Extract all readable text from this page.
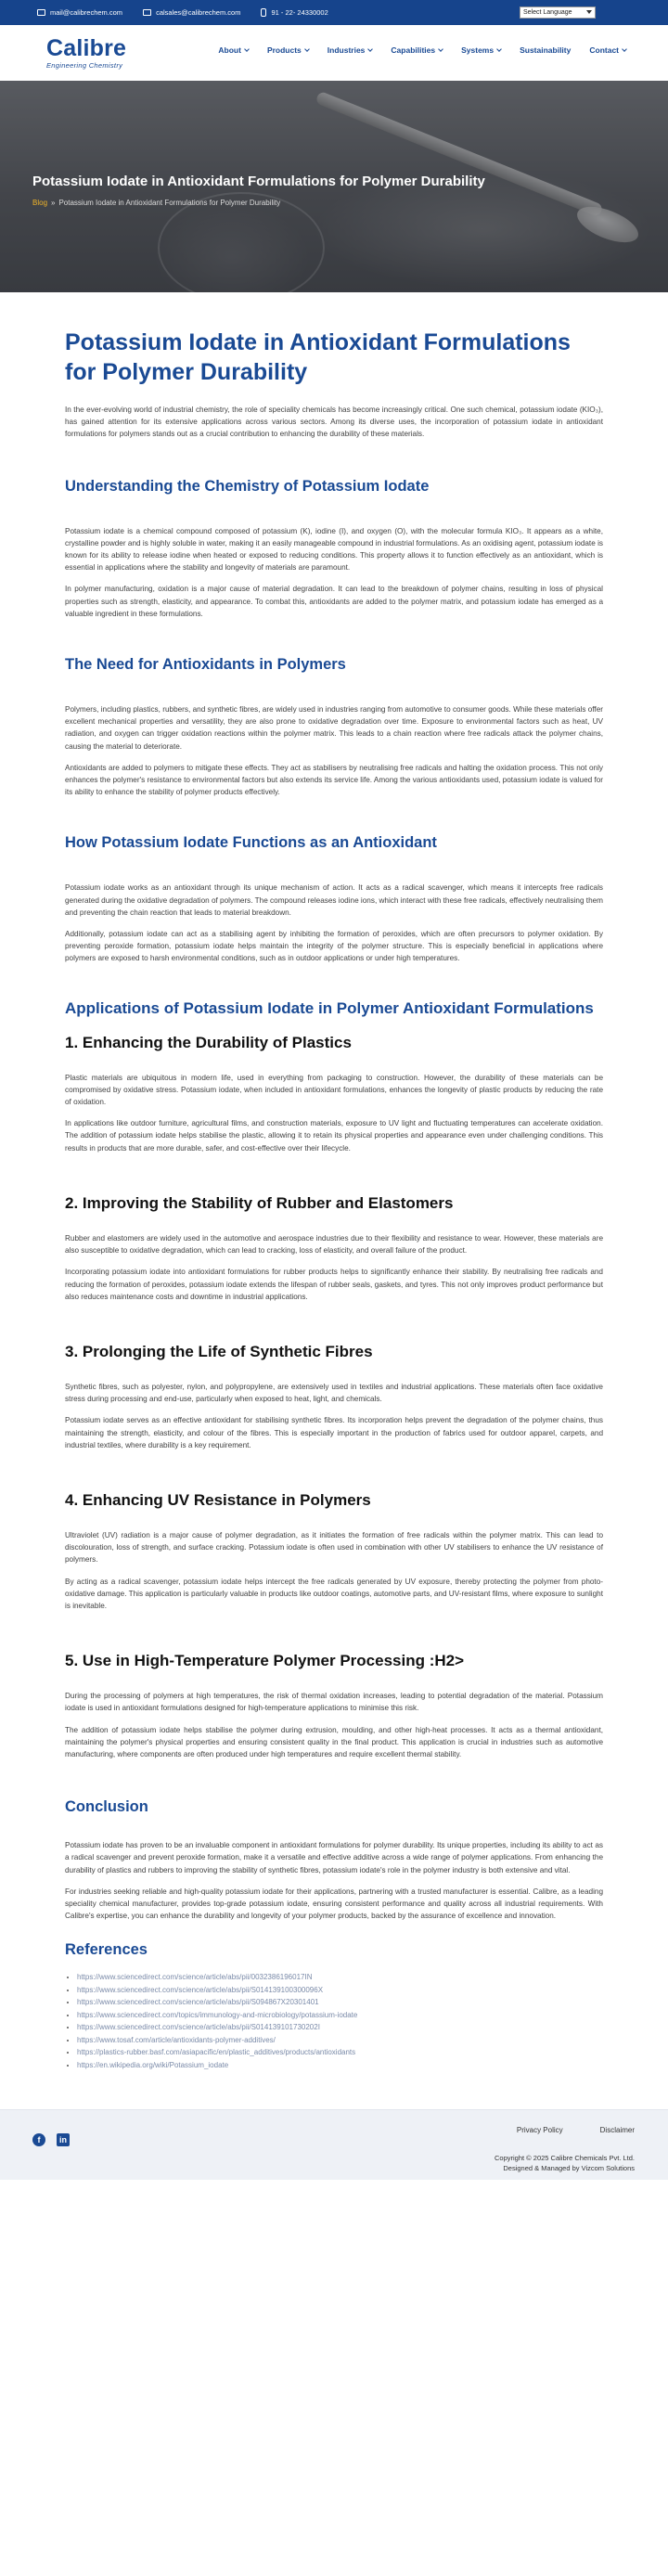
mail@calibrechem.com	calsales@calibrechem.com	91 - 22- 24330002	Select Language
Calibre
Engineering Chemistry
About	Products	Industries	Capabilities	Systems	Sustainability Contact
Potassium Iodate in Antioxidant Formulations for Polymer Durability
Blog » Potassium Iodate in Antioxidant Formulations for Polymer Durability
Potassium Iodate in Antioxidant Formulations for Polymer Durability

In the ever-evolving world of industrial chemistry, the role of speciality chemicals has become increasingly critical. One such chemical, potassium iodate (KIO₃), has gained attention for its extensive applications across various sectors. Among its diverse uses, the incorporation of potassium iodate in antioxidant formulations for polymers stands out as a crucial contribution to enhancing the durability of these materials.

Understanding the Chemistry of Potassium Iodate

Potassium iodate is a chemical compound composed of potassium (K), iodine (I), and oxygen (O), with the molecular formula KIO₃. It appears as a white, crystalline powder and is highly soluble in water, making it an easily manageable compound in industrial formulations. As an oxidising agent, potassium iodate is known for its ability to release iodine when heated or exposed to reducing conditions. This property allows it to function effectively as an antioxidant, which is essential in applications where the stability and longevity of materials are paramount.

In polymer manufacturing, oxidation is a major cause of material degradation. It can lead to the breakdown of polymer chains, resulting in loss of physical properties such as strength, elasticity, and appearance. To combat this, antioxidants are added to the polymer matrix, and potassium iodate has emerged as a valuable ingredient in these formulations.

The Need for Antioxidants in Polymers

Polymers, including plastics, rubbers, and synthetic fibres, are widely used in industries ranging from automotive to consumer goods. While these materials offer excellent mechanical properties and versatility, they are also prone to oxidative degradation over time. Exposure to environmental factors such as heat, UV radiation, and oxygen can trigger oxidation reactions within the polymer matrix. This leads to a chain reaction where free radicals attack the polymer chains, causing the material to deteriorate.

Antioxidants are added to polymers to mitigate these effects. They act as stabilisers by neutralising free radicals and halting the oxidation process. This not only enhances the polymer's resistance to environmental factors but also extends its service life. Among the various antioxidants used, potassium iodate is valued for its ability to enhance the stability of polymer products effectively.

How Potassium Iodate Functions as an Antioxidant

Potassium iodate works as an antioxidant through its unique mechanism of action. It acts as a radical scavenger, which means it intercepts free radicals generated during the oxidative degradation of polymers. The compound releases iodine ions, which interact with these free radicals, effectively neutralising them and preventing the chain reaction that leads to material breakdown.

Additionally, potassium iodate can act as a stabilising agent by inhibiting the formation of peroxides, which are often precursors to polymer oxidation. By preventing peroxide formation, potassium iodate helps maintain the integrity of the polymer structure. This is especially beneficial in applications where polymers are exposed to harsh environmental conditions, such as in outdoor applications or under high temperatures.

Applications of Potassium Iodate in Polymer Antioxidant Formulations
1. Enhancing the Durability of Plastics

Plastic materials are ubiquitous in modern life, used in everything from packaging to construction. However, the durability of these materials can be compromised by oxidative stress. Potassium iodate, when included in antioxidant formulations, enhances the longevity of plastic products by reducing the rate of oxidation.

In applications like outdoor furniture, agricultural films, and construction materials, exposure to UV light and fluctuating temperatures can accelerate oxidation. The addition of potassium iodate helps stabilise the plastic, allowing it to retain its physical properties and appearance even under challenging conditions. This results in products that are more durable, safer, and cost-effective over their lifecycle.

2. Improving the Stability of Rubber and Elastomers

Rubber and elastomers are widely used in the automotive and aerospace industries due to their flexibility and resistance to wear. However, these materials are also susceptible to oxidative degradation, which can lead to cracking, loss of elasticity, and overall failure of the product.

Incorporating potassium iodate into antioxidant formulations for rubber products helps to significantly enhance their stability. By neutralising free radicals and reducing the formation of peroxides, potassium iodate extends the lifespan of rubber seals, gaskets, and tyres. This not only improves product performance but also reduces maintenance costs and downtime in industrial applications.

3. Prolonging the Life of Synthetic Fibres

Synthetic fibres, such as polyester, nylon, and polypropylene, are extensively used in textiles and industrial applications. These materials often face oxidative stress during processing and end-use, particularly when exposed to heat, light, and chemicals.

Potassium iodate serves as an effective antioxidant for stabilising synthetic fibres. Its incorporation helps prevent the degradation of the polymer chains, thus maintaining the strength, elasticity, and colour of the fibres. This is especially important in the production of fabrics used for outdoor apparel, carpets, and industrial textiles, where durability is a key requirement.

4. Enhancing UV Resistance in Polymers

Ultraviolet (UV) radiation is a major cause of polymer degradation, as it initiates the formation of free radicals within the polymer matrix. This can lead to discolouration, loss of strength, and surface cracking. Potassium iodate is often used in combination with other UV stabilisers to enhance the UV resistance of polymers.

By acting as a radical scavenger, potassium iodate helps intercept the free radicals generated by UV exposure, thereby protecting the polymer from photo-oxidative damage. This application is particularly valuable in products like outdoor coatings, automotive parts, and UV-resistant films, where exposure to sunlight is inevitable.

5. Use in High-Temperature Polymer Processing :H2>

During the processing of polymers at high temperatures, the risk of thermal oxidation increases, leading to potential degradation of the material. Potassium iodate is used in antioxidant formulations designed for high-temperature applications to minimise this risk.

The addition of potassium iodate helps stabilise the polymer during extrusion, moulding, and other high-heat processes. It acts as a thermal antioxidant, maintaining the polymer's physical properties and ensuring consistent quality in the final product. This application is crucial in industries such as automotive manufacturing, where components are often produced under high temperatures and require excellent thermal stability.

Conclusion

Potassium iodate has proven to be an invaluable component in antioxidant formulations for polymer durability. Its unique properties, including its ability to act as a radical scavenger and prevent peroxide formation, make it a versatile and effective additive across a wide range of polymer applications. From enhancing the durability of plastics and rubbers to improving the stability of synthetic fibres, potassium iodate's role in the polymer industry is both extensive and vital.

For industries seeking reliable and high-quality potassium iodate for their applications, partnering with a trusted manufacturer is essential. Calibre, as a leading speciality chemical manufacturer, provides top-grade potassium iodate, ensuring consistent performance and quality across all industrial requirements. With Calibre's expertise, you can enhance the durability and longevity of your polymer products, backed by the assurance of excellence and innovation.

References
• https://www.sciencedirect.com/science/article/abs/pii/0032386196017IN
• https://www.sciencedirect.com/science/article/abs/pii/S014139100300096X
• https://www.sciencedirect.com/science/article/abs/pii/S094867X20301401
• https://www.sciencedirect.com/topics/immunology-and-microbiology/potassium-iodate
• https://www.sciencedirect.com/science/article/abs/pii/S014139101730202I
• https://www.tosaf.com/article/antioxidants-polymer-additives/
• https://plastics-rubber.basf.com/asiapacific/en/plastic_additives/products/antioxidants
• https://en.wikipedia.org/wiki/Potassium_iodate
f	in
Privacy Policy	Disclaimer
Copyright © 2025 Calibre Chemicals Pvt. Ltd.
Designed & Managed by Vizcom Solutions
